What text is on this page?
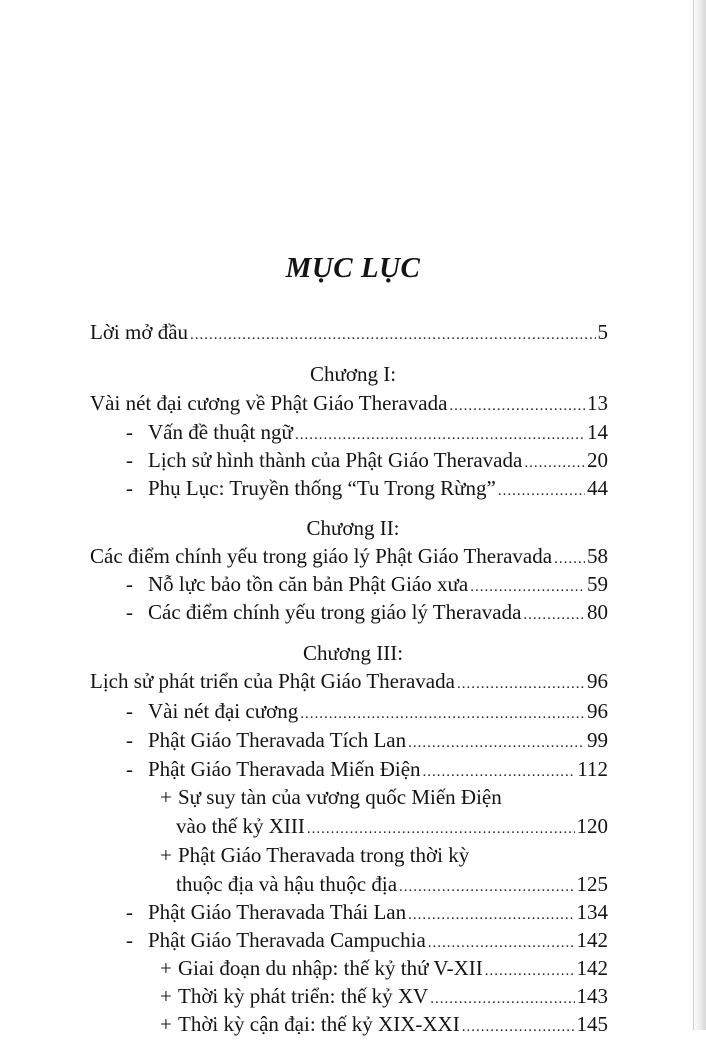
MỤC LỤC
Lời mở đầu .....	5
Chương I:
Vài nét đại cương về Phật Giáo Theravada .....	13
- Vấn đề thuật ngữ .....	14
- Lịch sử hình thành của Phật Giáo Theravada .....	20
- Phụ Lục: Truyền thống “Tu Trong Rừng” .....	44
Chương II:
Các điểm chính yếu trong giáo lý Phật Giáo Theravada ..... 58
- Nỗ lực bảo tồn căn bản Phật Giáo xưa .....	59
- Các điểm chính yếu trong giáo lý Theravada .....	80
Chương III:
Lịch sử phát triển của Phật Giáo Theravada .....	96
- Vài nét đại cương .....	96
- Phật Giáo Theravada Tích Lan .....	99
- Phật Giáo Theravada Miến Điện .....	112
+ Sự suy tàn của vương quốc Miến Điện
vào thế kỷ XIII .....	120
+ Phật Giáo Theravada trong thời kỳ
thuộc địa và hậu thuộc địa .....	125
- Phật Giáo Theravada Thái Lan .....	134
- Phật Giáo Theravada Campuchia .....	142
+ Giai đoạn du nhập: thế kỷ thứ V-XII .....	142
+ Thời kỳ phát triển: thế kỷ XV .....	143
+ Thời kỳ cận đại: thế kỷ XIX-XXI .....	145
